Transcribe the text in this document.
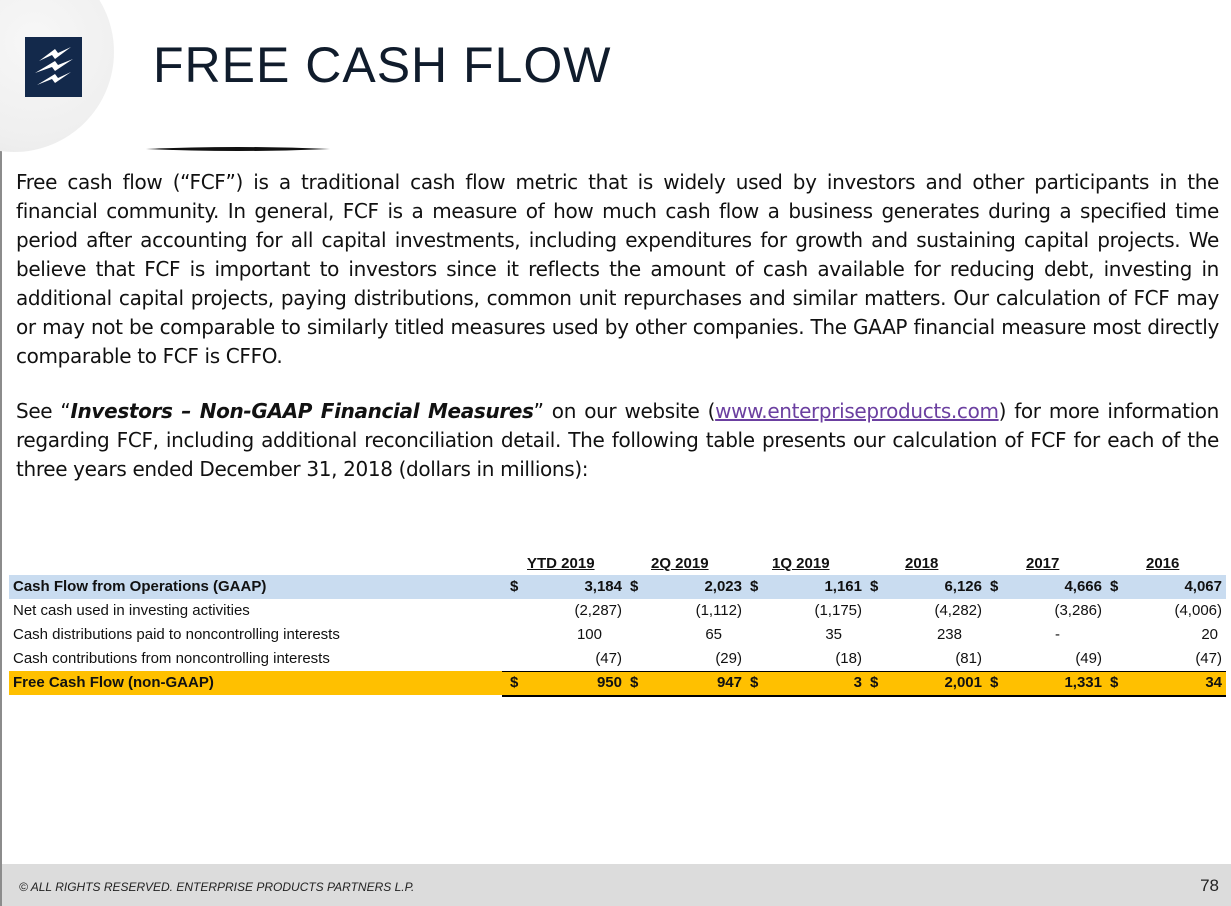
FREE CASH FLOW

Free cash flow (“FCF”) is a traditional cash flow metric that is widely used by investors and other participants in the financial community. In general, FCF is a measure of how much cash flow a business generates during a specified time period after accounting for all capital investments, including expenditures for growth and sustaining capital projects. We believe that FCF is important to investors since it reflects the amount of cash available for reducing debt, investing in additional capital projects, paying distributions, common unit repurchases and similar matters. Our calculation of FCF may or may not be comparable to similarly titled measures used by other companies. The GAAP financial measure most directly comparable to FCF is CFFO.

See “Investors – Non-GAAP Financial Measures” on our website (www.enterpriseproducts.com) for more information regarding FCF, including additional reconciliation detail. The following table presents our calculation of FCF for each of the three years ended December 31, 2018 (dollars in millions):

YTD 2019	2Q 2019	1Q 2019	2018	2017	2016
Cash Flow from Operations (GAAP)	$	3,184 $	2,023 $	1,161 $	6,126 $	4,666 $	4,067
Net cash used in investing activities	(2,287)	(1,112)	(1,175)	(4,282)	(3,286)	(4,006)
Cash distributions paid to noncontrolling interests	100	65	35	238	-	20
Cash contributions from noncontrolling interests	(47)	(29)	(18)	(81)	(49)	(47)
Free Cash Flow (non-GAAP)	$	950 $	947 $	3 $	2,001 $	1,331 $	34
© ALL RIGHTS RESERVED. ENTERPRISE PRODUCTS PARTNERS L.P.	78
